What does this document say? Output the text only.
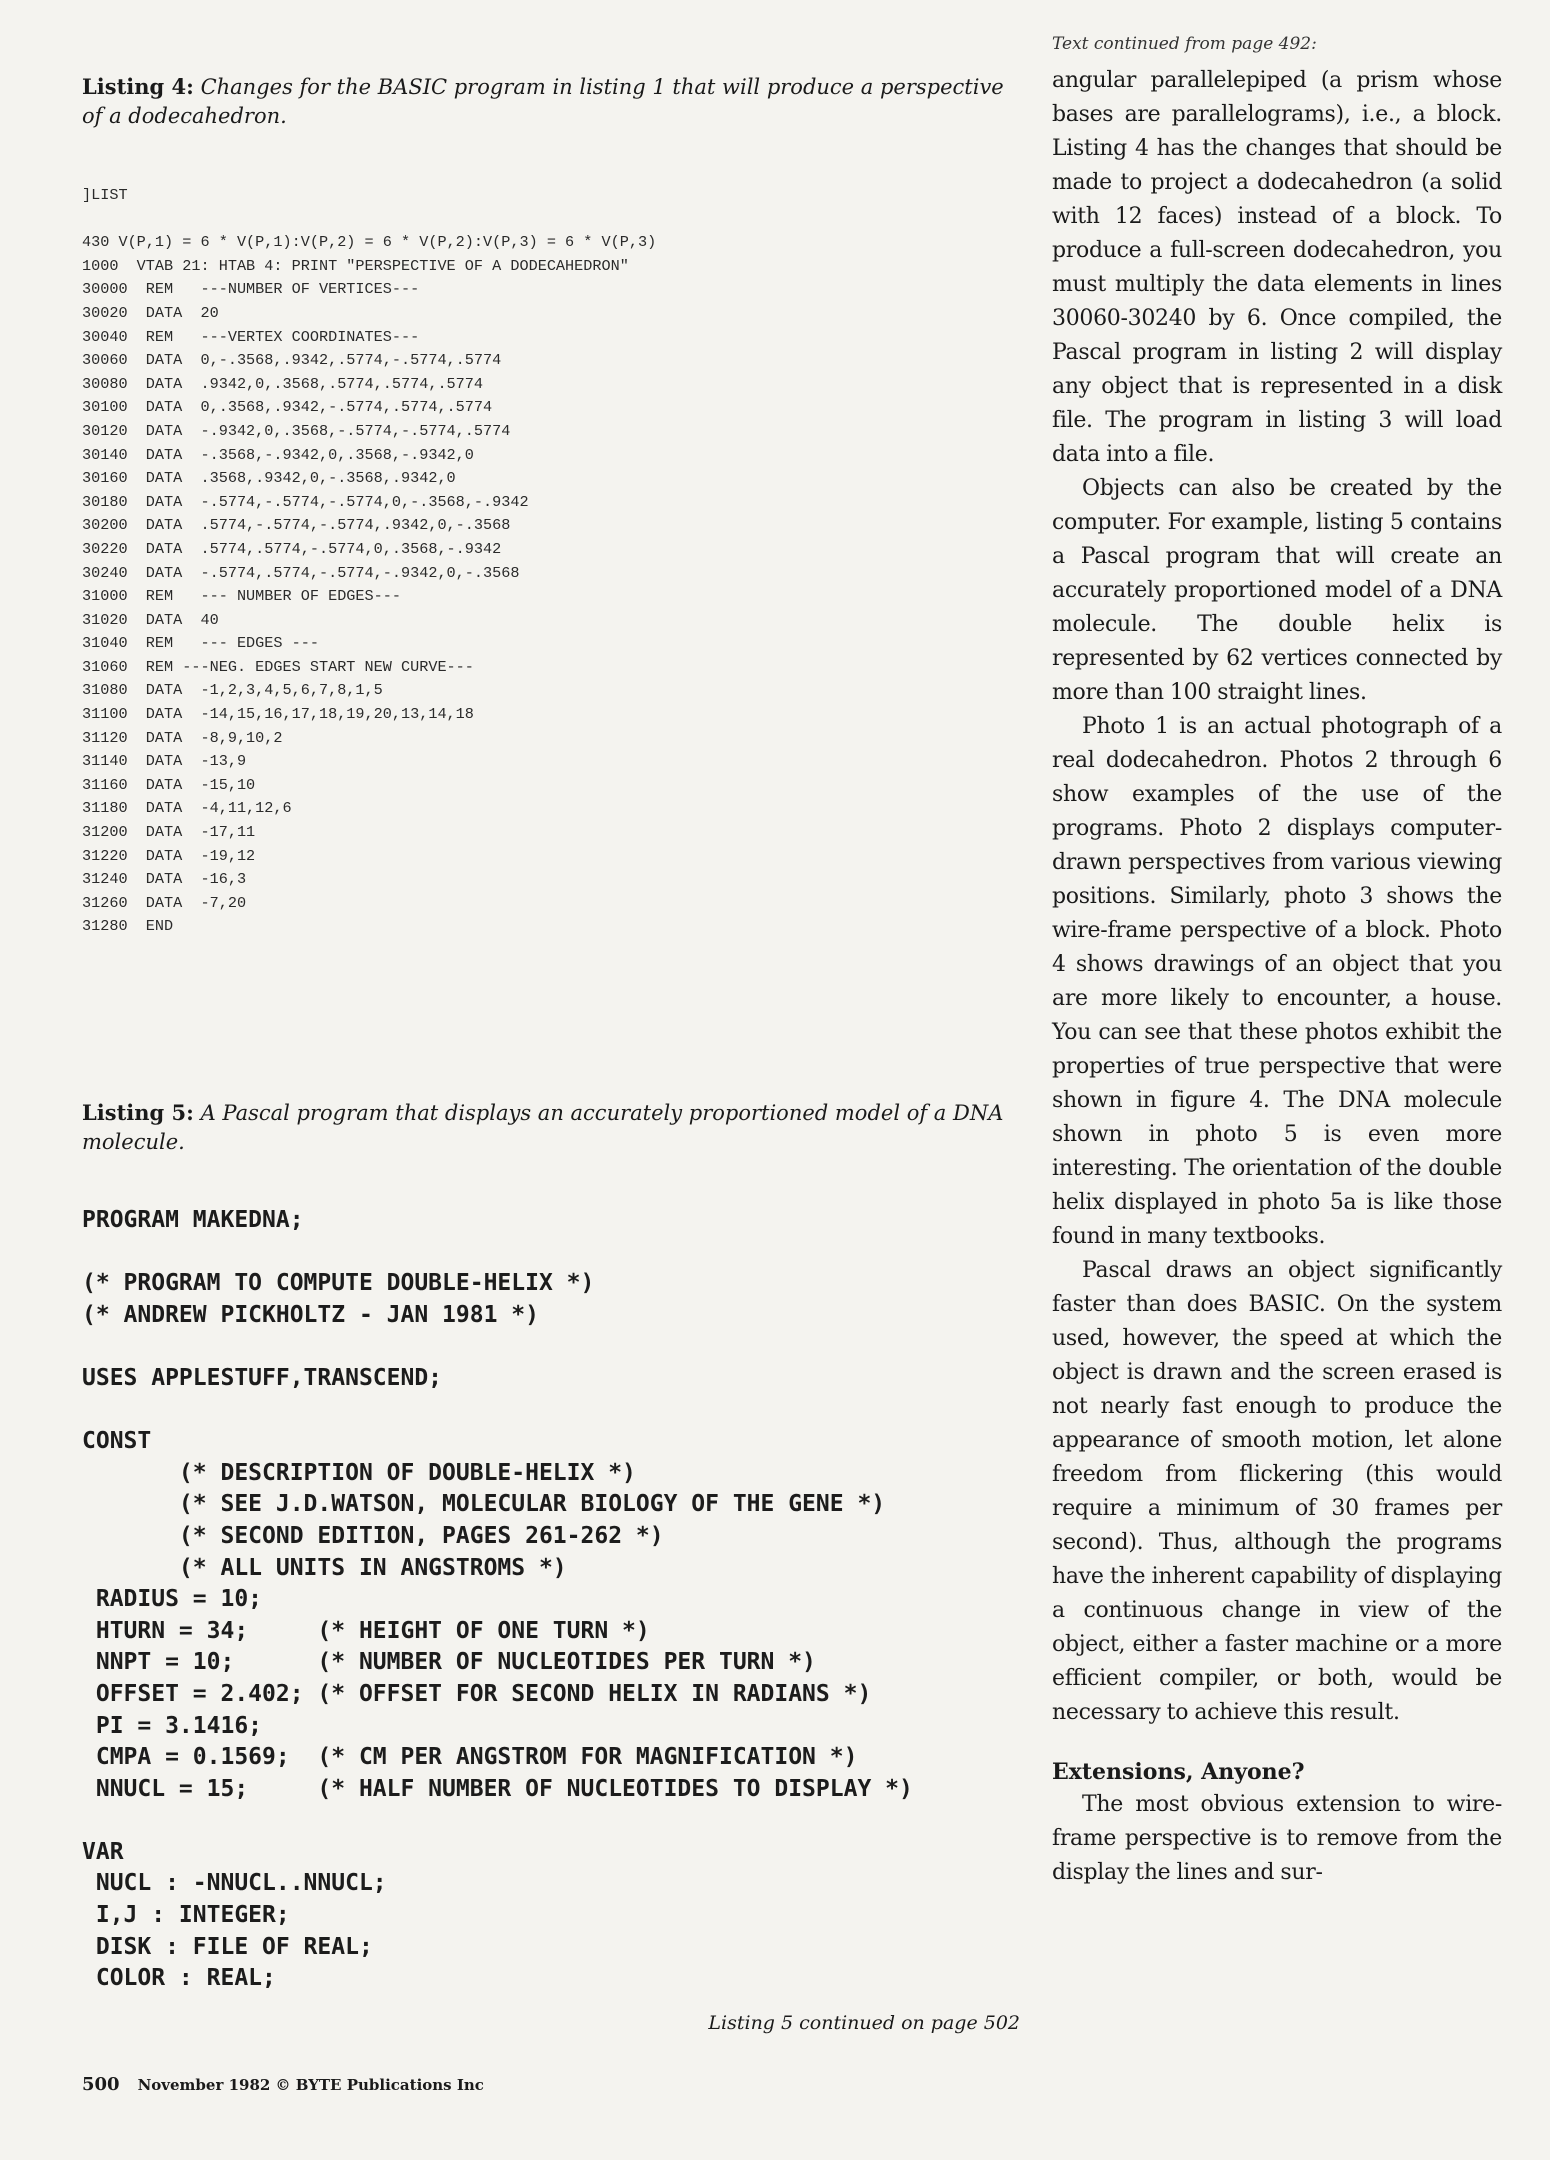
Listing 4: Changes for the BASIC program in listing 1 that will produce a perspective of a dodecahedron.

]LIST
430 V(P,1) = 6 * V(P,1):V(P,2) = 6 * V(P,2):V(P,3) = 6 * V(P,3)
1000  VTAB 21: HTAB 4: PRINT "PERSPECTIVE OF A DODECAHEDRON"
30000  REM   ---NUMBER OF VERTICES---
30020  DATA  20
30040  REM   ---VERTEX COORDINATES---
30060  DATA  0,-.3568,.9342,.5774,-.5774,.5774
30080  DATA  .9342,0,.3568,.5774,.5774,.5774
30100  DATA  0,.3568,.9342,-.5774,.5774,.5774
30120  DATA  -.9342,0,.3568,-.5774,-.5774,.5774
30140  DATA  -.3568,-.9342,0,.3568,-.9342,0
30160  DATA  .3568,.9342,0,-.3568,.9342,0
30180  DATA  -.5774,-.5774,-.5774,0,-.3568,-.9342
30200  DATA  .5774,-.5774,-.5774,.9342,0,-.3568
30220  DATA  .5774,.5774,-.5774,0,.3568,-.9342
30240  DATA  -.5774,.5774,-.5774,-.9342,0,-.3568
31000  REM   --- NUMBER OF EDGES---
31020  DATA  40
31040  REM   --- EDGES ---
31060  REM ---NEG. EDGES START NEW CURVE---
31080  DATA  -1,2,3,4,5,6,7,8,1,5
31100  DATA  -14,15,16,17,18,19,20,13,14,18
31120  DATA  -8,9,10,2
31140  DATA  -13,9
31160  DATA  -15,10
31180  DATA  -4,11,12,6
31200  DATA  -17,11
31220  DATA  -19,12
31240  DATA  -16,3
31260  DATA  -7,20
31280  END

Listing 5: A Pascal program that displays an accurately proportioned model of a DNA molecule.

PROGRAM MAKEDNA;
(* PROGRAM TO COMPUTE DOUBLE-HELIX *)
(* ANDREW PICKHOLTZ - JAN 1981 *)
USES APPLESTUFF,TRANSCEND;
CONST
(* DESCRIPTION OF DOUBLE-HELIX *)
(* SEE J.D.WATSON, MOLECULAR BIOLOGY OF THE GENE *)
(* SECOND EDITION, PAGES 261-262 *)
(* ALL UNITS IN ANGSTROMS *)
RADIUS = 10;
HTURN = 34;     (* HEIGHT OF ONE TURN *)
NNPT = 10;      (* NUMBER OF NUCLEOTIDES PER TURN *)
OFFSET = 2.402; (* OFFSET FOR SECOND HELIX IN RADIANS *)
PI = 3.1416;
CMPA = 0.1569;  (* CM PER ANGSTROM FOR MAGNIFICATION *)
NNUCL = 15;     (* HALF NUMBER OF NUCLEOTIDES TO DISPLAY *)
VAR
NUCL : -NNUCL..NNUCL;
I,J : INTEGER;
DISK : FILE OF REAL;
COLOR : REAL;
Listing 5 continued on page 502
500 November 1982 © BYTE Publications Inc

Text continued from page 492:

angular parallelepiped (a prism whose bases are parallelograms), i.e., a block. Listing 4 has the changes that should be made to project a dodecahedron (a solid with 12 faces) instead of a block. To produce a full-screen dodecahedron, you must multiply the data elements in lines 30060-30240 by 6. Once compiled, the Pascal program in listing 2 will display any object that is represented in a disk file. The program in listing 3 will load data into a file.

Objects can also be created by the computer. For example, listing 5 contains a Pascal program that will create an accurately proportioned model of a DNA molecule. The double helix is represented by 62 vertices connected by more than 100 straight lines.

Photo 1 is an actual photograph of a real dodecahedron. Photos 2 through 6 show examples of the use of the programs. Photo 2 displays computer-drawn perspectives from various viewing positions. Similarly, photo 3 shows the wire-frame perspective of a block. Photo 4 shows drawings of an object that you are more likely to encounter, a house. You can see that these photos exhibit the properties of true perspective that were shown in figure 4. The DNA molecule shown in photo 5 is even more interesting. The orientation of the double helix displayed in photo 5a is like those found in many textbooks.

Pascal draws an object significantly faster than does BASIC. On the system used, however, the speed at which the object is drawn and the screen erased is not nearly fast enough to produce the appearance of smooth motion, let alone freedom from flickering (this would require a minimum of 30 frames per second). Thus, although the programs have the inherent capability of displaying a continuous change in view of the object, either a faster machine or a more efficient compiler, or both, would be necessary to achieve this result.

Extensions, Anyone?

The most obvious extension to wire-frame perspective is to remove from the display the lines and sur-
